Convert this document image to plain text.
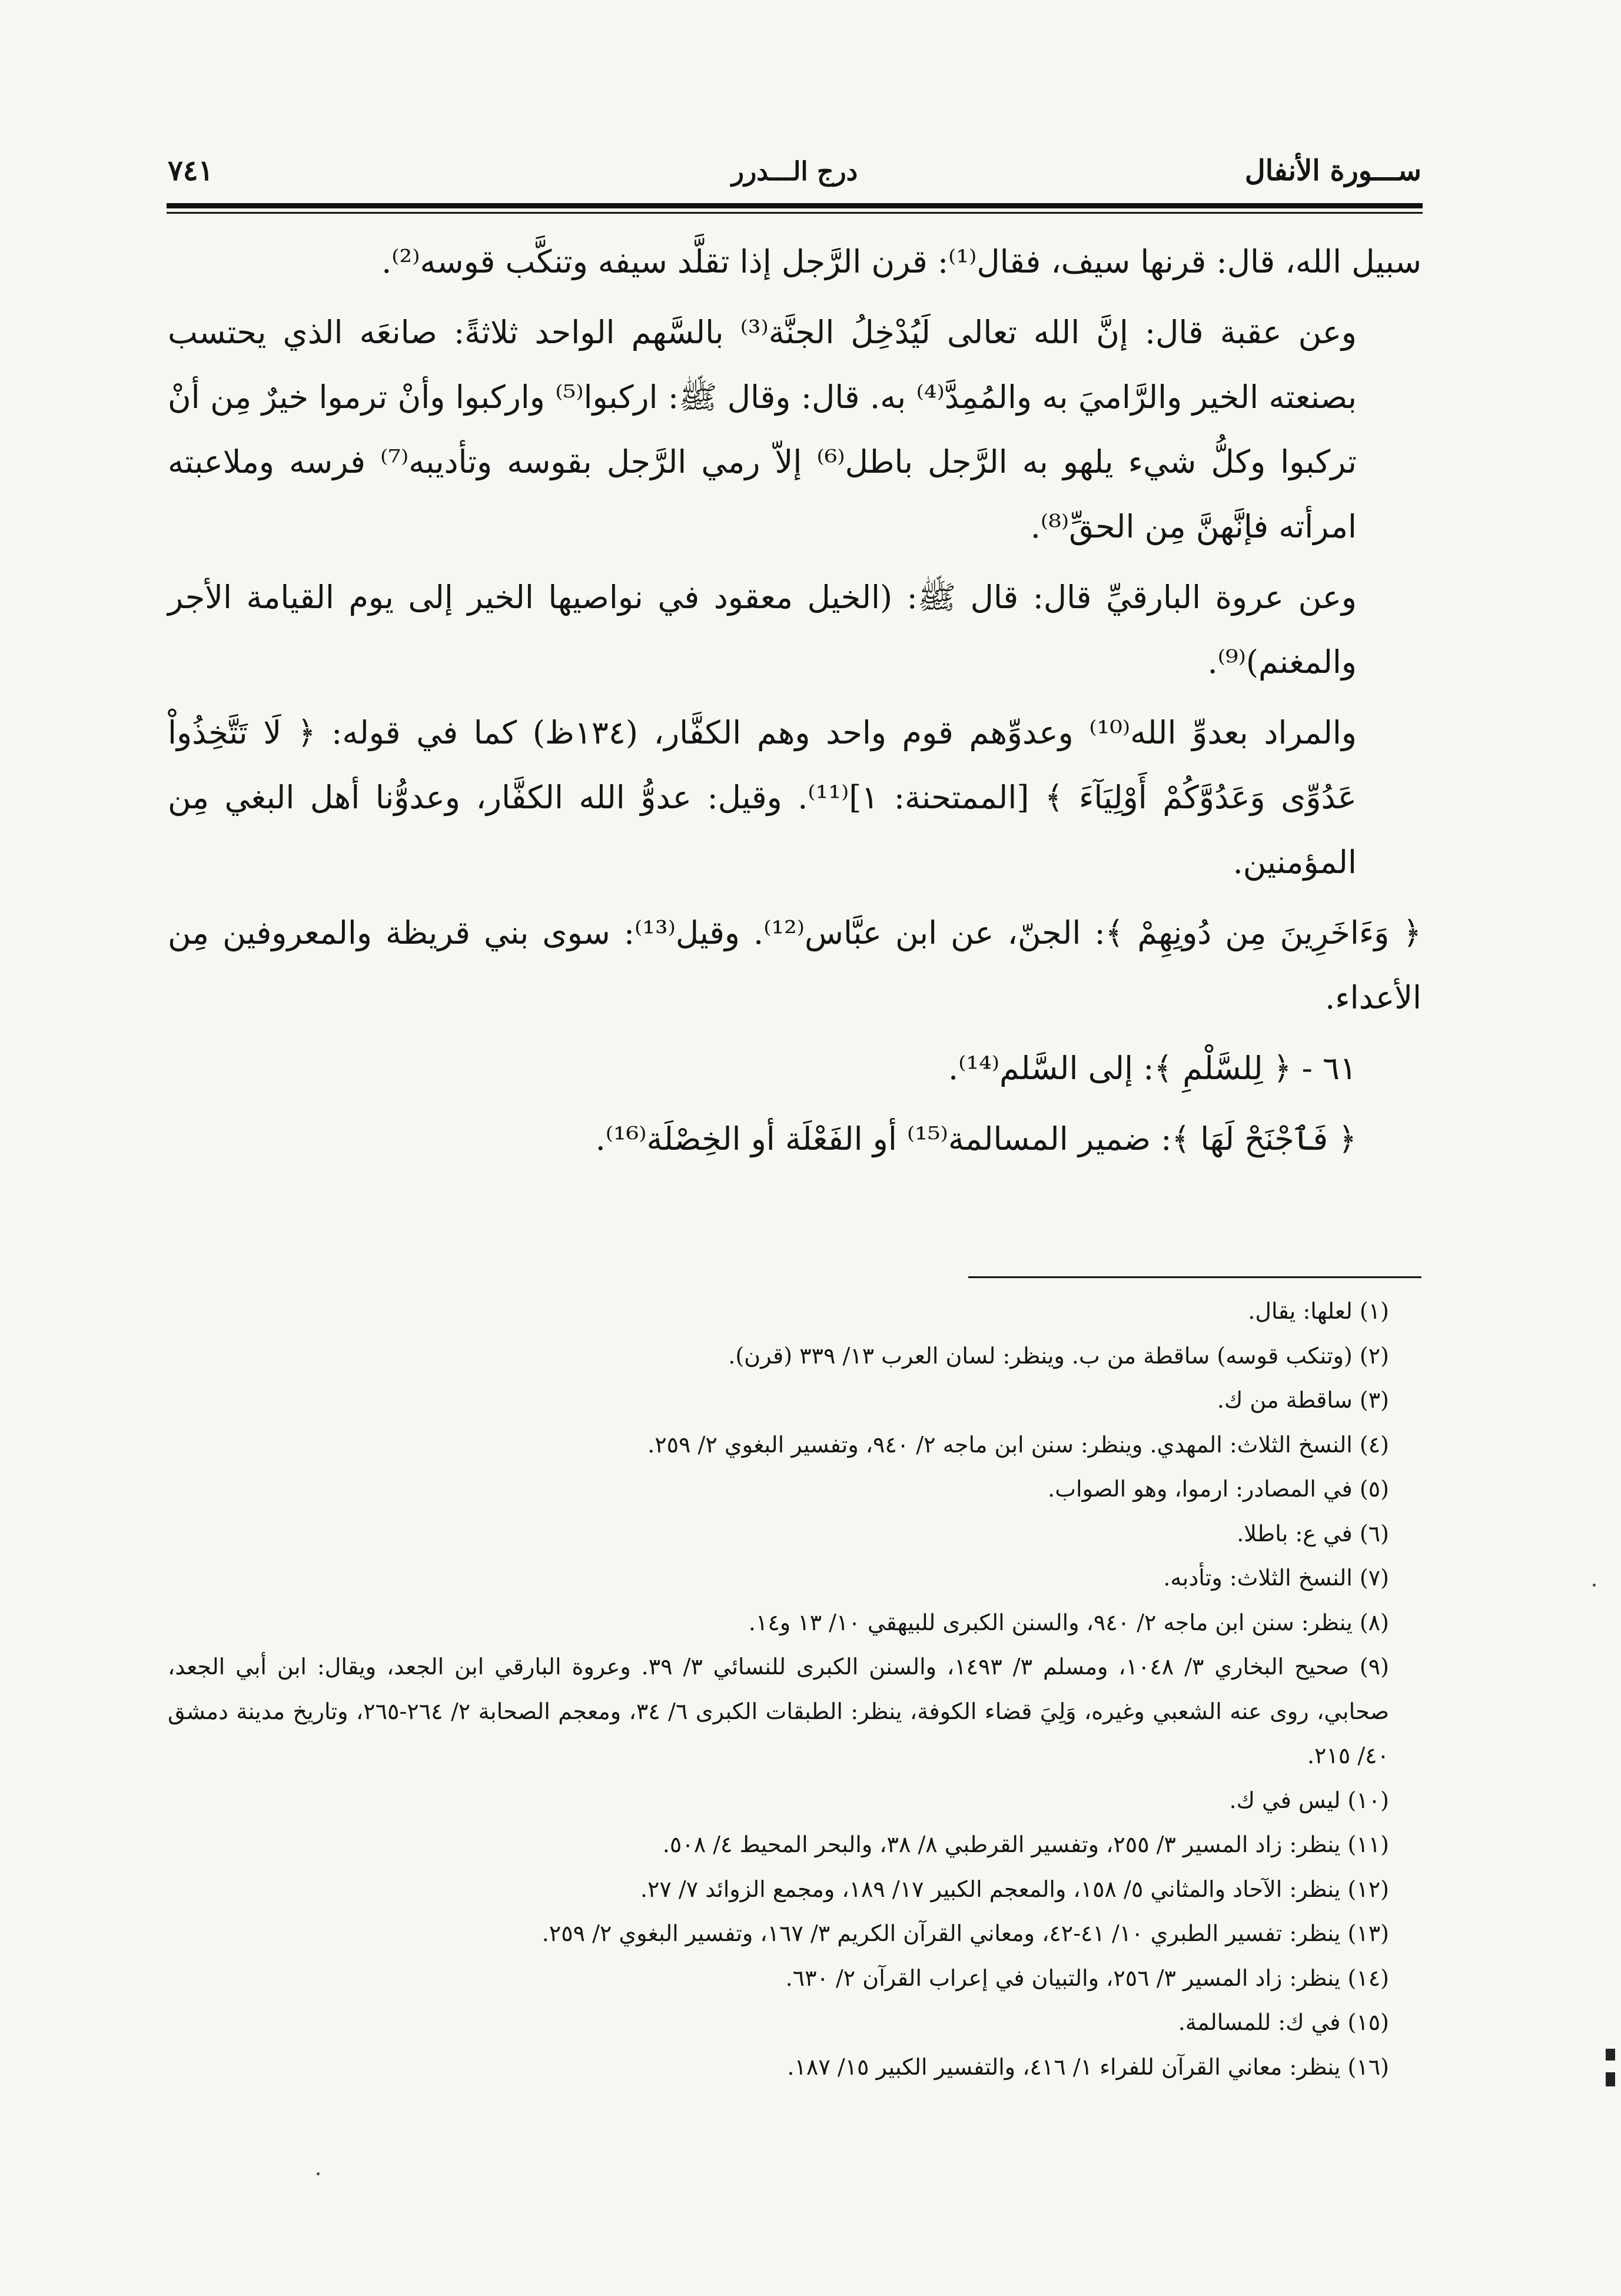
ســـورة الأنفال
درج الـــدرر
٧٤١

سبيل الله، قال: قرنها سيف، فقال⁽¹⁾: قرن الرَّجل إذا تقلَّد سيفه وتنكَّب قوسه⁽²⁾.

وعن عقبة قال: إنَّ الله تعالى لَيُدْخِلُ الجنَّة⁽³⁾ بالسَّهم الواحد ثلاثةً: صانعَه الذي يحتسب بصنعته الخير والرَّاميَ به والمُمِدَّ⁽⁴⁾ به. قال: وقال ﷺ: اركبوا⁽⁵⁾ واركبوا وأنْ ترموا خيرٌ مِن أنْ تركبوا وكلُّ شيء يلهو به الرَّجل باطل⁽⁶⁾ إلاّ رمي الرَّجل بقوسه وتأديبه⁽⁷⁾ فرسه وملاعبته امرأته فإنَّهنَّ مِن الحقِّ⁽⁸⁾.

وعن عروة البارقيِّ قال: قال ﷺ: (الخيل معقود في نواصيها الخير إلى يوم القيامة الأجر والمغنم)⁽⁹⁾.

والمراد بعدوِّ الله⁽¹⁰⁾ وعدوِّهم قوم واحد وهم الكفَّار، (١٣٤ظ) كما في قوله: ﴿ لَا تَتَّخِذُواْ عَدُوِّى وَعَدُوَّكُمْ أَوْلِيَآءَ ﴾ [الممتحنة: ١]⁽¹¹⁾. وقيل: عدوُّ الله الكفَّار، وعدوُّنا أهل البغي مِن المؤمنين.

﴿ وَءَاخَرِينَ مِن دُونِهِمْ ﴾: الجنّ، عن ابن عبَّاس⁽¹²⁾. وقيل⁽¹³⁾: سوى بني قريظة والمعروفين مِن الأعداء.

٦١ - ﴿ لِلسَّلْمِ ﴾: إلى السَّلم⁽¹⁴⁾.

﴿ فَٱجْنَحْ لَهَا ﴾: ضمير المسالمة⁽¹⁵⁾ أو الفَعْلَة أو الخِصْلَة⁽¹⁶⁾.

(١) لعلها: يقال.

(٢) (وتنكب قوسه) ساقطة من ب. وينظر: لسان العرب ١٣/ ٣٣٩ (قرن).

(٣) ساقطة من ك.

(٤) النسخ الثلاث: المهدي. وينظر: سنن ابن ماجه ٢/ ٩٤٠، وتفسير البغوي ٢/ ٢٥٩.

(٥) في المصادر: ارموا، وهو الصواب.

(٦) في ع: باطلا.

(٧) النسخ الثلاث: وتأدبه.

(٨) ينظر: سنن ابن ماجه ٢/ ٩٤٠، والسنن الكبرى للبيهقي ١٠/ ١٣ و١٤.

(٩) صحيح البخاري ٣/ ١٠٤٨، ومسلم ٣/ ١٤٩٣، والسنن الكبرى للنسائي ٣/ ٣٩. وعروة البارقي ابن الجعد، ويقال: ابن أبي الجعد، صحابي، روى عنه الشعبي وغيره، وَلِيَ قضاء الكوفة، ينظر: الطبقات الكبرى ٦/ ٣٤، ومعجم الصحابة ٢/ ٢٦٤-٢٦٥، وتاريخ مدينة دمشق ٤٠/ ٢١٥.

(١٠) ليس في ك.

(١١) ينظر: زاد المسير ٣/ ٢٥٥، وتفسير القرطبي ٨/ ٣٨، والبحر المحيط ٤/ ٥٠٨.

(١٢) ينظر: الآحاد والمثاني ٥/ ١٥٨، والمعجم الكبير ١٧/ ١٨٩، ومجمع الزوائد ٧/ ٢٧.

(١٣) ينظر: تفسير الطبري ١٠/ ٤١-٤٢، ومعاني القرآن الكريم ٣/ ١٦٧، وتفسير البغوي ٢/ ٢٥٩.

(١٤) ينظر: زاد المسير ٣/ ٢٥٦، والتبيان في إعراب القرآن ٢/ ٦٣٠.

(١٥) في ك: للمسالمة.

(١٦) ينظر: معاني القرآن للفراء ١/ ٤١٦، والتفسير الكبير ١٥/ ١٨٧.
